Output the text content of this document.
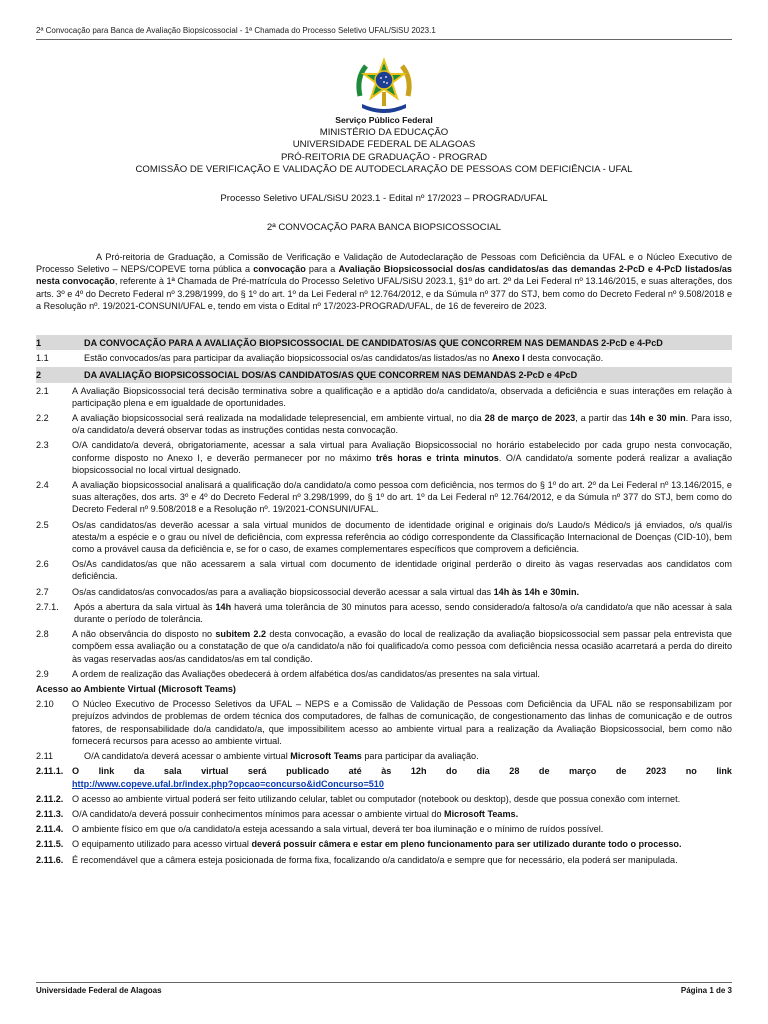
2ª Convocação para Banca de Avaliação Biopsicossocial - 1ª Chamada do Processo Seletivo UFAL/SiSU 2023.1
Serviço Público Federal
MINISTÉRIO DA EDUCAÇÃO
UNIVERSIDADE FEDERAL DE ALAGOAS
PRÓ-REITORIA DE GRADUAÇÃO - PROGRAD
COMISSÃO DE VERIFICAÇÃO E VALIDAÇÃO DE AUTODECLARAÇÃO DE PESSOAS COM DEFICIÊNCIA - UFAL
Processo Seletivo UFAL/SiSU 2023.1 - Edital nº 17/2023 – PROGRAD/UFAL
2ª CONVOCAÇÃO PARA BANCA BIOPSICOSSOCIAL
A Pró-reitoria de Graduação, a Comissão de Verificação e Validação de Autodeclaração de Pessoas com Deficiência da UFAL e o Núcleo Executivo de Processo Seletivo – NEPS/COPEVE torna pública a convocação para a Avaliação Biopsicossocial dos/as candidatos/as das demandas 2-PcD e 4-PcD listados/as nesta convocação, referente à 1ª Chamada de Pré-matrícula do Processo Seletivo UFAL/SiSU 2023.1, §1º do art. 2º da Lei Federal nº 13.146/2015, e suas alterações, dos arts. 3º e 4º do Decreto Federal nº 3.298/1999, do § 1º do art. 1º da Lei Federal nº 12.764/2012, e da Súmula nº 377 do STJ, bem como do Decreto Federal nº 9.508/2018 e a Resolução nº. 19/2021-CONSUNI/UFAL e, tendo em vista o Edital nº 17/2023-PROGRAD/UFAL, de 16 de fevereiro de 2023.
1	DA CONVOCAÇÃO PARA A AVALIAÇÃO BIOPSICOSSOCIAL DE CANDIDATOS/AS QUE CONCORREM NAS DEMANDAS 2-PcD e 4-PcD
1.1	Estão convocados/as para participar da avaliação biopsicossocial os/as candidatos/as listados/as no Anexo I desta convocação.
2	DA AVALIAÇÃO BIOPSICOSSOCIAL DOS/AS CANDIDATOS/AS QUE CONCORREM NAS DEMANDAS 2-PcD e 4PcD
2.1	A Avaliação Biopsicossocial terá decisão terminativa sobre a qualificação e a aptidão do/a candidato/a, observada a deficiência e suas interações em relação à participação plena e em igualdade de oportunidades.
2.2	A avaliação biopsicossocial será realizada na modalidade telepresencial, em ambiente virtual, no dia 28 de março de 2023, a partir das 14h e 30 min. Para isso, o/a candidato/a deverá observar todas as instruções contidas nesta convocação.
2.3	O/A candidato/a deverá, obrigatoriamente, acessar a sala virtual para Avaliação Biopsicossocial no horário estabelecido por cada grupo nesta convocação, conforme disposto no Anexo I, e deverão permanecer por no máximo três horas e trinta minutos. O/A candidato/a somente poderá realizar a avaliação biopsicossocial no local virtual designado.
2.4	A avaliação biopsicossocial analisará a qualificação do/a candidato/a como pessoa com deficiência, nos termos do § 1º do art. 2º da Lei Federal nº 13.146/2015, e suas alterações, dos arts. 3º e 4º do Decreto Federal nº 3.298/1999, do § 1º do art. 1º da Lei Federal nº 12.764/2012, e da Súmula nº 377 do STJ, bem como do Decreto Federal nº 9.508/2018 e a Resolução nº. 19/2021-CONSUNI/UFAL.
2.5	Os/as candidatos/as deverão acessar a sala virtual munidos de documento de identidade original e originais do/s Laudo/s Médico/s já enviados, o/s qual/is atesta/m a espécie e o grau ou nível de deficiência, com expressa referência ao código correspondente da Classificação Internacional de Doenças (CID-10), bem como a provável causa da deficiência e, se for o caso, de exames complementares específicos que comprovem a deficiência.
2.6	Os/As candidatos/as que não acessarem a sala virtual com documento de identidade original perderão o direito às vagas reservadas aos candidatos com deficiência.
2.7	Os/as candidatos/as convocados/as para a avaliação biopsicossocial deverão acessar a sala virtual das 14h às 14h e 30min.
2.7.1.	Após a abertura da sala virtual às 14h haverá uma tolerância de 30 minutos para acesso, sendo considerado/a faltoso/a o/a candidato/a que não acessar à sala durante o período de tolerância.
2.8	A não observância do disposto no subitem 2.2 desta convocação, a evasão do local de realização da avaliação biopsicossocial sem passar pela entrevista que compõem essa avaliação ou a constatação de que o/a candidato/a não foi qualificado/a como pessoa com deficiência nessa ocasião acarretará a perda do direito às vagas reservadas aos/as candidatos/as em tal condição.
2.9	A ordem de realização das Avaliações obedecerá à ordem alfabética dos/as candidatos/as presentes na sala virtual.
Acesso ao Ambiente Virtual (Microsoft Teams)
2.10	O Núcleo Executivo de Processo Seletivos da UFAL – NEPS e a Comissão de Validação de Pessoas com Deficiência da UFAL não se responsabilizam por prejuízos advindos de problemas de ordem técnica dos computadores, de falhas de comunicação, de congestionamento das linhas de comunicação e de outros fatores, de responsabilidade do/a candidato/a, que impossibilitem acesso ao ambiente virtual para a realização da Avaliação Biopsicossocial, bem como não fornecerá recursos para acesso ao ambiente virtual.
2.11	O/A candidato/a deverá acessar o ambiente virtual Microsoft Teams para participar da avaliação.
2.11.1. O link da sala virtual será publicado até às 12h do dia 28 de março de 2023 no link
http://www.copeve.ufal.br/index.php?opcao=concurso&idConcurso=510
2.11.2. O acesso ao ambiente virtual poderá ser feito utilizando celular, tablet ou computador (notebook ou desktop), desde que possua conexão com internet.
2.11.3. O/A candidato/a deverá possuir conhecimentos mínimos para acessar o ambiente virtual do Microsoft Teams.
2.11.4. O ambiente físico em que o/a candidato/a esteja acessando a sala virtual, deverá ter boa iluminação e o mínimo de ruídos possível.
2.11.5. O equipamento utilizado para acesso virtual deverá possuir câmera e estar em pleno funcionamento para ser utilizado durante todo o processo.
2.11.6. É recomendável que a câmera esteja posicionada de forma fixa, focalizando o/a candidato/a e sempre que for necessário, ela poderá ser manipulada.
Universidade Federal de Alagoas	Página 1 de 3
